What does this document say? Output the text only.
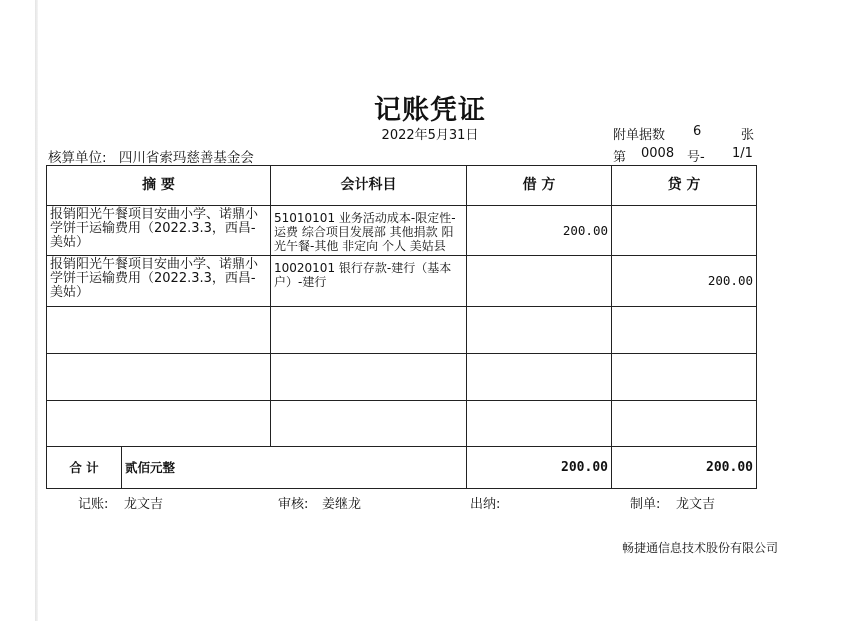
记账凭证
2022年5月31日	附单据数 6	张
核算单位: 四川省索玛慈善基金会	第 0008 号- 1/1
摘 要		会计科目	借 方	贷 方
报销阳光午餐项目安曲小学、诺鼎小学饼干运输费用（2022.3.3，西昌-美姑）		51010101 业务活动成本-限定性-运费 综合项目发展部 其他捐款 阳光午餐-其他 非定向 个人 美姑县	200.00	
报销阳光午餐项目安曲小学、诺鼎小学饼干运输费用（2022.3.3，西昌-美姑）		10020101 银行存款-建行（基本户）-建行		200.00

合 计	贰佰元整		200.00	200.00
记账: 龙文吉	审核: 姜继龙	出纳:	制单: 龙文吉
畅捷通信息技术股份有限公司
